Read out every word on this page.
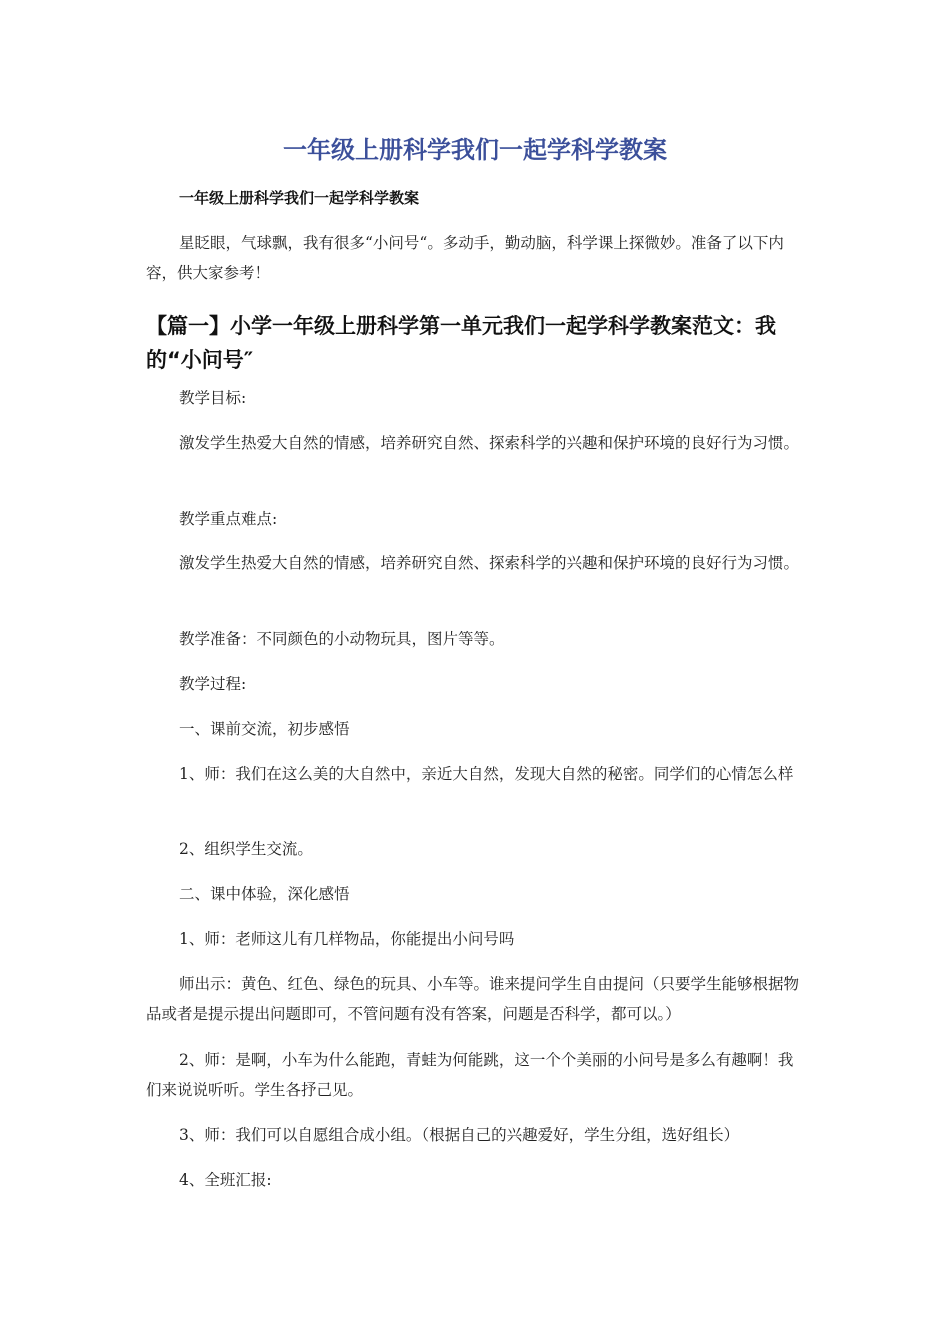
一年级上册科学我们一起学科学教案

一年级上册科学我们一起学科学教案

星眨眼，气球飘，我有很多“小问号“。多动手，勤动脑，科学课上探微妙。准备了以下内容，供大家参考！

【篇一】小学一年级上册科学第一单元我们一起学科学教案范文：我的“小问号″

教学目标:

激发学生热爱大自然的情感，培养研究自然、探索科学的兴趣和保护环境的良好行为习惯。

教学重点难点:

激发学生热爱大自然的情感，培养研究自然、探索科学的兴趣和保护环境的良好行为习惯。

教学准备：不同颜色的小动物玩具，图片等等。

教学过程:

一、课前交流，初步感悟

1、师：我们在这么美的大自然中，亲近大自然，发现大自然的秘密。同学们的心情怎么样

2、组织学生交流。

二、课中体验，深化感悟

1、师：老师这儿有几样物品，你能提出小问号吗

师出示：黄色、红色、绿色的玩具、小车等。谁来提问学生自由提问（只要学生能够根据物品或者是提示提出问题即可，不管问题有没有答案，问题是否科学，都可以。）

2、师：是啊，小车为什么能跑，青蛙为何能跳，这一个个美丽的小问号是多么有趣啊！我们来说说听听。学生各抒己见。

3、师：我们可以自愿组合成小组。（根据自己的兴趣爱好，学生分组，选好组长）

4、全班汇报:
